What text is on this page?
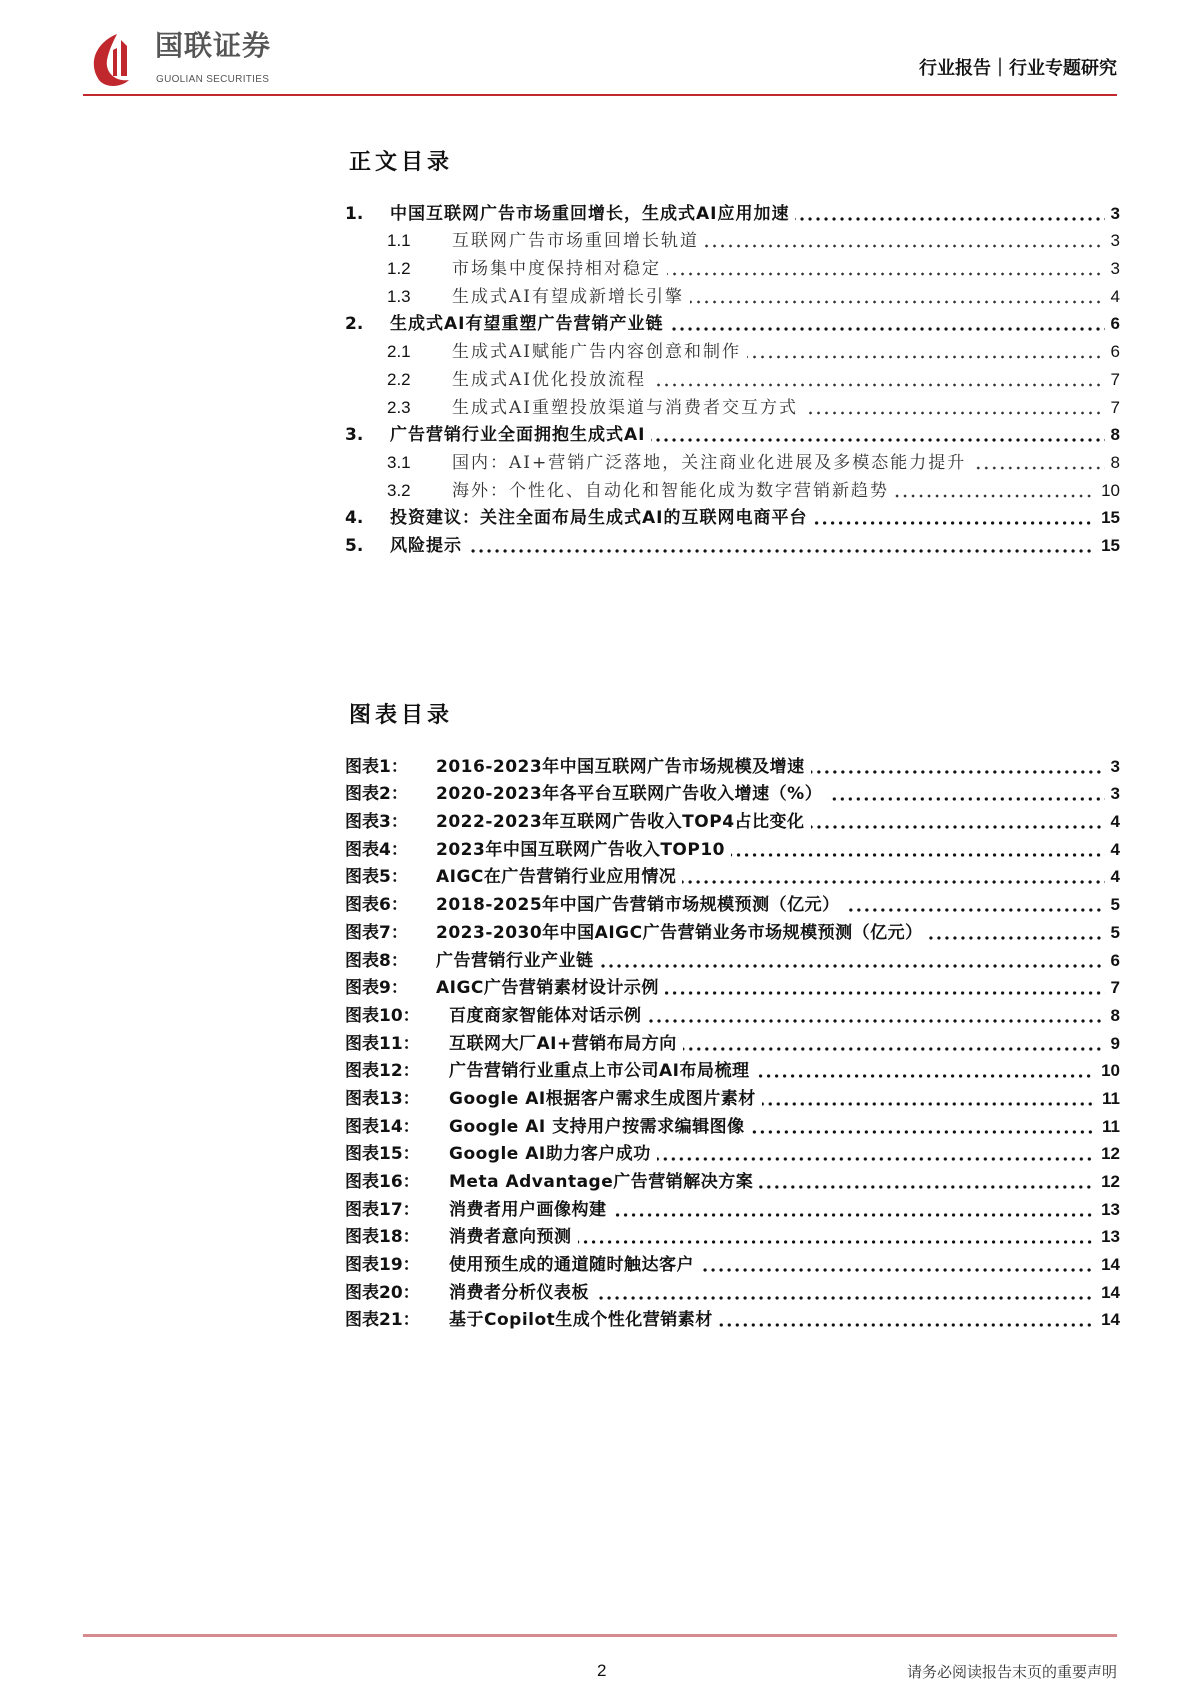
国联证券
GUOLIAN SECURITIES
行业报告｜行业专题研究
正文目录
1.	中国互联网广告市场重回增长，生成式AI应用加速	3
1.1	互联网广告市场重回增长轨道	3
1.2	市场集中度保持相对稳定	3
1.3	生成式AI有望成新增长引擎	4
2.	生成式AI有望重塑广告营销产业链	6
2.1	生成式AI赋能广告内容创意和制作	6
2.2	生成式AI优化投放流程	7
2.3	生成式AI重塑投放渠道与消费者交互方式	7
3.	广告营销行业全面拥抱生成式AI	8
3.1	国内：AI+营销广泛落地，关注商业化进展及多模态能力提升	8
3.2	海外：个性化、自动化和智能化成为数字营销新趋势	10
4.	投资建议：关注全面布局生成式AI的互联网电商平台	15
5.	风险提示	15
图表目录
图表1：	2016-2023年中国互联网广告市场规模及增速	3
图表2：	2020-2023年各平台互联网广告收入增速（%）	3
图表3：	2022-2023年互联网广告收入TOP4占比变化	4
图表4：	2023年中国互联网广告收入TOP10	4
图表5：	AIGC在广告营销行业应用情况	4
图表6：	2018-2025年中国广告营销市场规模预测（亿元）	5
图表7：	2023-2030年中国AIGC广告营销业务市场规模预测（亿元）	5
图表8：	广告营销行业产业链	6
图表9：	AIGC广告营销素材设计示例	7
图表10：	百度商家智能体对话示例	8
图表11：	互联网大厂AI+营销布局方向	9
图表12：	广告营销行业重点上市公司AI布局梳理	10
图表13：	Google AI根据客户需求生成图片素材	11
图表14：	Google AI 支持用户按需求编辑图像	11
图表15：	Google AI助力客户成功	12
图表16：	Meta Advantage广告营销解决方案	12
图表17：	消费者用户画像构建	13
图表18：	消费者意向预测	13
图表19：	使用预生成的通道随时触达客户	14
图表20：	消费者分析仪表板	14
图表21：	基于Copilot生成个性化营销素材	14
2	请务必阅读报告末页的重要声明
